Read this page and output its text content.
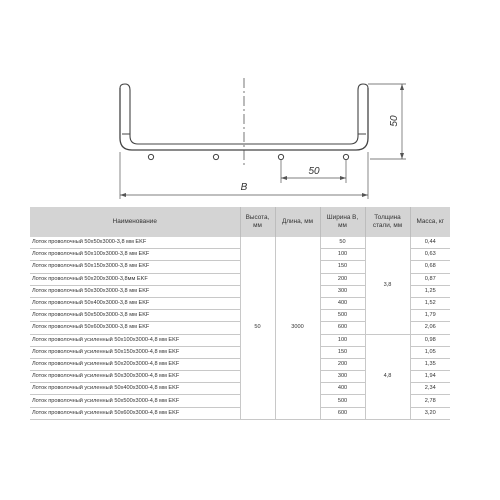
50
50
B
Наименование	Высота, мм	Длина, мм	Ширина B, мм	Толщина стали, мм	Масса, кг
Лоток проволочный 50x50x3000-3,8 мм EKF	50	3000	50	3,8	0,44
Лоток проволочный 50x100x3000-3,8 мм EKF			100		0,63
Лоток проволочный 50x150x3000-3,8 мм EKF			150		0,68
Лоток проволочный 50x200x3000-3,8мм EKF			200		0,87
Лоток проволочный 50x300x3000-3,8 мм EKF			300		1,25
Лоток проволочный 50x400x3000-3,8 мм EKF			400		1,52
Лоток проволочный 50x500x3000-3,8 мм EKF			500		1,79
Лоток проволочный 50x600x3000-3,8 мм EKF			600		2,06
Лоток проволочный усиленный 50x100x3000-4,8 мм EKF			100	4,8	0,98
Лоток проволочный усиленный 50x150x3000-4,8 мм EKF			150		1,05
Лоток проволочный усиленный 50x200x3000-4,8 мм EKF			200		1,35
Лоток проволочный усиленный 50x300x3000-4,8 мм EKF			300		1,94
Лоток проволочный усиленный 50x400x3000-4,8 мм EKF			400		2,34
Лоток проволочный усиленный 50x500x3000-4,8 мм EKF			500		2,78
Лоток проволочный усиленный 50x600x3000-4,8 мм EKF			600		3,20
